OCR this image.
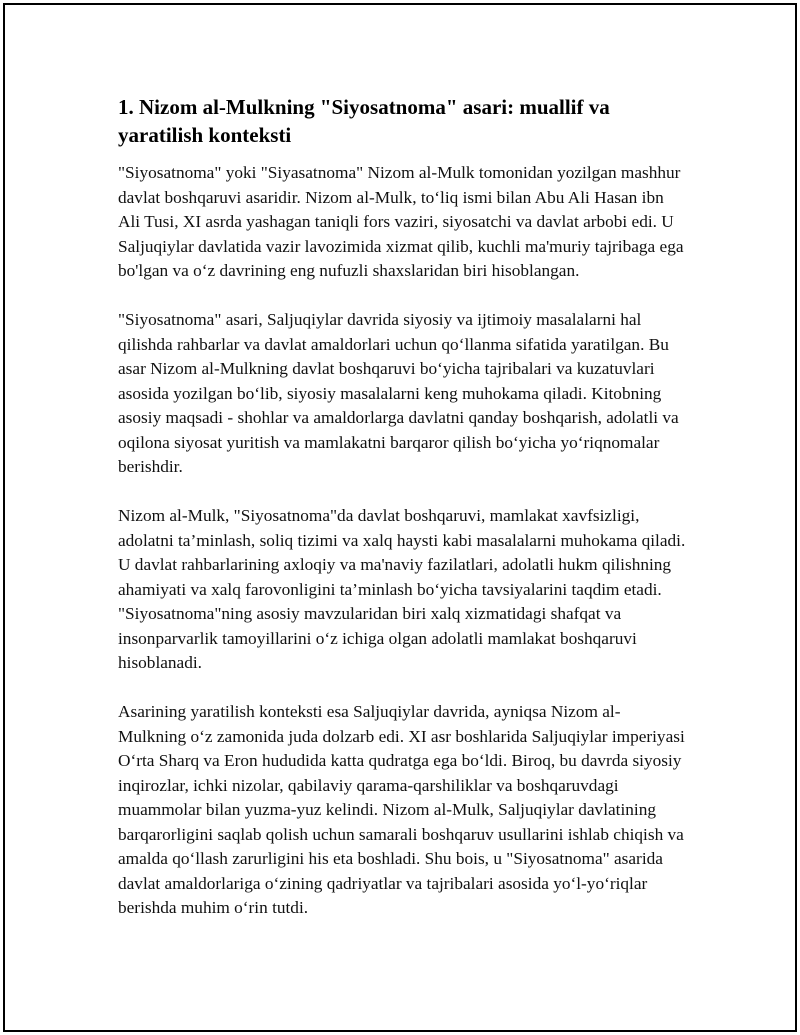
1. Nizom al-Mulkning "Siyosatnoma" asari: muallif va yaratilish konteksti

"Siyosatnoma" yoki "Siyasatnoma" Nizom al-Mulk tomonidan yozilgan mashhur davlat boshqaruvi asaridir. Nizom al-Mulk, to‘liq ismi bilan Abu Ali Hasan ibn Ali Tusi, XI asrda yashagan taniqli fors vaziri, siyosatchi va davlat arbobi edi. U Saljuqiylar davlatida vazir lavozimida xizmat qilib, kuchli ma'muriy tajribaga ega bo'lgan va o‘z davrining eng nufuzli shaxslaridan biri hisoblangan.

"Siyosatnoma" asari, Saljuqiylar davrida siyosiy va ijtimoiy masalalarni hal qilishda rahbarlar va davlat amaldorlari uchun qo‘llanma sifatida yaratilgan. Bu asar Nizom al-Mulkning davlat boshqaruvi bo‘yicha tajribalari va kuzatuvlari asosida yozilgan bo‘lib, siyosiy masalalarni keng muhokama qiladi. Kitobning asosiy maqsadi - shohlar va amaldorlarga davlatni qanday boshqarish, adolatli va oqilona siyosat yuritish va mamlakatni barqaror qilish bo‘yicha yo‘riqnomalar berishdir.

Nizom al-Mulk, "Siyosatnoma"da davlat boshqaruvi, mamlakat xavfsizligi, adolatni ta’minlash, soliq tizimi va xalq haysti kabi masalalarni muhokama qiladi. U davlat rahbarlarining axloqiy va ma'naviy fazilatlari, adolatli hukm qilishning ahamiyati va xalq farovonligini ta’minlash bo‘yicha tavsiyalarini taqdim etadi. "Siyosatnoma"ning asosiy mavzularidan biri xalq xizmatidagi shafqat va insonparvarlik tamoyillarini o‘z ichiga olgan adolatli mamlakat boshqaruvi hisoblanadi.

Asarining yaratilish konteksti esa Saljuqiylar davrida, ayniqsa Nizom al-Mulkning o‘z zamonida juda dolzarb edi. XI asr boshlarida Saljuqiylar imperiyasi O‘rta Sharq va Eron hududida katta qudratga ega bo‘ldi. Biroq, bu davrda siyosiy inqirozlar, ichki nizolar, qabilaviy qarama-qarshiliklar va boshqaruvdagi muammolar bilan yuzma-yuz kelindi. Nizom al-Mulk, Saljuqiylar davlatining barqarorligini saqlab qolish uchun samarali boshqaruv usullarini ishlab chiqish va amalda qo‘llash zarurligini his eta boshladi. Shu bois, u "Siyosatnoma" asarida davlat amaldorlariga o‘zining qadriyatlar va tajribalari asosida yo‘l-yo‘riqlar berishda muhim o‘rin tutdi.
